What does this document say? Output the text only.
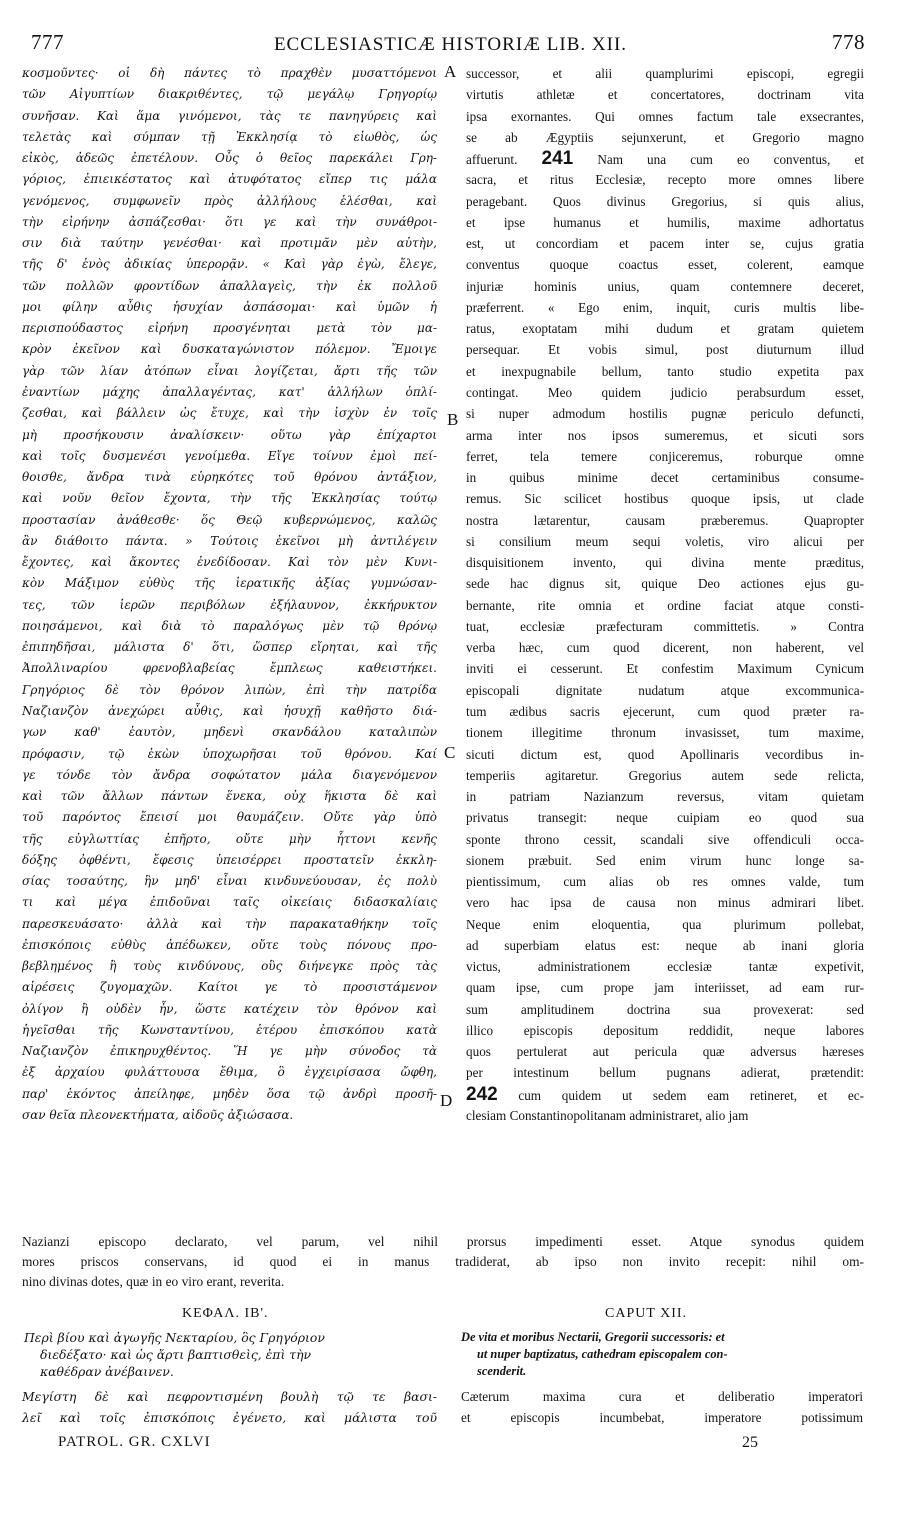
777	ECCLESIASTICÆ HISTORIÆ LIB. XII.	778
κοσμοῦντες· οἱ δὴ πάντες τὸ πραχθὲν μυσαττόμενοι
τῶν Αἰγυπτίων διακριθέντες, τῷ μεγάλῳ Γρηγορίῳ
συνῆσαν. Καὶ ἅμα γινόμενοι, τὰς τε πανηγύρεις καὶ
τελετὰς καὶ σύμπαν τῇ Ἐκκλησίᾳ τὸ εἰωθὸς, ὡς
εἰκὸς, ἀδεῶς ἐπετέλουν. Οὖς ὁ θεῖος παρεκάλει Γρη-
γόριος, ἐπιεικέστατος καὶ ἀτυφότατος εἴπερ τις μάλα
γενόμενος, συμφωνεῖν πρὸς ἀλλήλους ἑλέσθαι, καὶ
τὴν εἰρήνην ἀσπάζεσθαι· ὅτι γε καὶ τὴν συνάθροι-
σιν διὰ ταύτην γενέσθαι· καὶ προτιμᾶν μὲν αὐτὴν,
τῆς δ' ἑνὸς ἀδικίας ὑπερορᾷν. « Καὶ γὰρ ἐγὼ, ἔλεγε,
τῶν πολλῶν φροντίδων ἀπαλλαγεὶς, τὴν ἐκ πολλοῦ
μοι φίλην αὖθις ἡσυχίαν ἀσπάσομαι· καὶ ὑμῶν ἡ
περισπούδαστος εἰρήνη προσγένηται μετὰ τὸν μα-
κρὸν ἐκεῖνον καὶ δυσκαταγώνιστον πόλεμον. Ἔμοιγε
γὰρ τῶν λίαν ἀτόπων εἶναι λογίζεται, ἄρτι τῆς τῶν
ἐναντίων μάχης ἀπαλλαγέντας, κατ' ἀλλήλων ὁπλί-
ζεσθαι, καὶ βάλλειν ὡς ἔτυχε, καὶ τὴν ἰσχὺν ἐν τοῖς
μὴ προσήκουσιν ἀναλίσκειν· οὕτω γὰρ ἐπίχαρτοι
καὶ τοῖς δυσμενέσι γενοίμεθα. Εἴγε τοίνυν ἐμοὶ πεί-
θοισθε, ἄνδρα τινὰ εὑρηκότες τοῦ θρόνου ἀντάξιον,
καὶ νοῦν θεῖον ἔχοντα, τὴν τῆς Ἐκκλησίας τούτῳ
προστασίαν ἀνάθεσθε· ὅς Θεῷ κυβερνώμενος, καλῶς
ἂν διάθοιτο πάντα. » Τούτοις ἐκεῖνοι μὴ ἀντιλέγειν
ἔχοντες, καὶ ἄκοντες ἐνεδίδοσαν. Καὶ τὸν μὲν Κυνι-
κὸν Μάξιμον εὐθὺς τῆς ἱερατικῆς ἀξίας γυμνώσαν-
τες, τῶν ἱερῶν περιβόλων ἐξήλαυνον, ἐκκήρυκτον
ποιησάμενοι, καὶ διὰ τὸ παραλόγως μὲν τῷ θρόνῳ
ἐπιπηδῆσαι, μάλιστα δ' ὅτι, ὥσπερ εἴρηται, καὶ τῆς
Ἀπολλιναρίου φρενοβλαβείας ἔμπλεως καθειστήκει.
Γρηγόριος δὲ τὸν θρόνον λιπὼν, ἐπὶ τὴν πατρίδα
Ναζιανζὸν ἀνεχώρει αὖθις, καὶ ἡσυχῇ καθῆστο διά-
γων καθ' ἑαυτὸν, μηδενὶ σκανδάλου καταλιπὼν
πρόφασιν, τῷ ἑκὼν ὑποχωρῆσαι τοῦ θρόνου. Καί
γε τόνδε τὸν ἄνδρα σοφώτατον μάλα διαγενόμενον
καὶ τῶν ἄλλων πάντων ἕνεκα, οὐχ ἥκιστα δὲ καὶ
τοῦ παρόντος ἔπεισί μοι θαυμάζειν. Οὔτε γὰρ ὑπὸ
τῆς εὐγλωττίας ἐπῆρτο, οὔτε μὴν ἧττονι κενῆς
δόξης ὀφθέντι, ἔφεσις ὑπεισέρρει προστατεῖν ἐκκλη-
σίας τοσαύτης, ἣν μηδ' εἶναι κινδυνεύουσαν, ἐς πολὺ
τι καὶ μέγα ἐπιδοῦναι ταῖς οἰκείαις διδασκαλίαις
παρεσκευάσατο· ἀλλὰ καὶ τὴν παρακαταθήκην τοῖς
ἐπισκόποις εὐθὺς ἀπέδωκεν, οὔτε τοὺς πόνους προ-
βεβλημένος ἢ τοὺς κινδύνους, οὓς διήνεγκε πρὸς τὰς
αἱρέσεις ζυγομαχῶν. Καίτοι γε τὸ προσιστάμενον
ὀλίγον ἢ οὐδὲν ἦν, ὥστε κατέχειν τὸν θρόνον καὶ
ἡγεῖσθαι τῆς Κωνσταντίνου, ἑτέρου ἐπισκόπου κατὰ
Ναζιανζὸν ἐπικηρυχθέντος. Ἥ γε μὴν σύνοδος τὰ
ἐξ ἀρχαίου φυλάττουσα ἔθιμα, ὃ ἐγχειρίσασα ὤφθη,
παρ' ἑκόντος ἀπείληφε, μηδὲν ὅσα τῷ ἀνδρὶ προσῆ-
σαν θεῖα πλεονεκτήματα, αἰδοῦς ἀξιώσασα.
successor, et alii quamplurimi episcopi, egregii
virtutis athletæ et concertatores, doctrinam vita
ipsa exornantes. Qui omnes factum tale exsecrantes,
se ab Ægyptiis sejunxerunt, et Gregorio magno
affuerunt. 241 Nam una cum eo conventus, et
sacra, et ritus Ecclesiæ, recepto more omnes libere
peragebant. Quos divinus Gregorius, si quis alius,
et ipse humanus et humilis, maxime adhortatus
est, ut concordiam et pacem inter se, cujus gratia
conventus quoque coactus esset, colerent, eamque
injuriæ hominis unius, quam contemnere deceret,
præferrent. « Ego enim, inquit, curis multis libe-
ratus, exoptatam mihi dudum et gratam quietem
persequar. Et vobis simul, post diuturnum illud
et inexpugnabile bellum, tanto studio expetita pax
contingat. Meo quidem judicio perabsurdum esset,
si nuper admodum hostilis pugnæ periculo defuncti,
arma inter nos ipsos sumeremus, et sicuti sors
ferret, tela temere conjiceremus, roburque omne
in quibus minime decet certaminibus consume-
remus. Sic scilicet hostibus quoque ipsis, ut clade
nostra lætarentur, causam præberemus. Quapropter
si consilium meum sequi voletis, viro alicui per
disquisitionem invento, qui divina mente præditus,
sede hac dignus sit, quique Deo actiones ejus gu-
bernante, rite omnia et ordine faciat atque consti-
tuat, ecclesiæ præfecturam committetis. » Contra
verba hæc, cum quod dicerent, non haberent, vel
inviti ei cesserunt. Et confestim Maximum Cynicum
episcopali dignitate nudatum atque excommunica-
tum ædibus sacris ejecerunt, cum quod præter ra-
tionem illegitime thronum invasisset, tum maxime,
sicuti dictum est, quod Apollinaris vecordibus in-
temperiis agitaretur. Gregorius autem sede relicta,
in patriam Nazianzum reversus, vitam quietam
privatus transegit: neque cuipiam eo quod sua
sponte throno cessit, scandali sive offendiculi occa-
sionem præbuit. Sed enim virum hunc longe sa-
pientissimum, cum alias ob res omnes valde, tum
vero hac ipsa de causa non minus admirari libet.
Neque enim eloquentia, qua plurimum pollebat,
ad superbiam elatus est: neque ab inani gloria
victus, administrationem ecclesiæ tantæ expetivit,
quam ipse, cum prope jam interiisset, ad eam rur-
sum amplitudinem doctrina sua provexerat: sed
illico episcopis depositum reddidit, neque labores
quos pertulerat aut pericula quæ adversus hæreses
per intestinum bellum pugnans adierat, prætendit:
242 cum quidem ut sedem eam retineret, et ec-
clesiam Constantinopolitanam administraret, alio jam
A
B
C
D
Nazianzi episcopo declarato, vel parum, vel nihil prorsus impedimenti esset. Atque synodus quidem
mores priscos conservans, id quod ei in manus tradiderat, ab ipso non invito recepit: nihil om-
nino divinas dotes, quæ in eo viro erant, reverita.
ΚΕΦΑΛ. ΙΒ'.	CAPUT XII.
Περὶ βίου καὶ ἀγωγῆς Νεκταρίου, ὃς Γρηγόριον
διεδέξατο· καὶ ὡς ἄρτι βαπτισθεὶς, ἐπὶ τὴν
καθέδραν ἀνέβαινεν.
De vita et moribus Nectarii, Gregorii successoris: et
ut nuper baptizatus, cathedram episcopalem con-
scenderit.
Μεγίστη δὲ καὶ πεφροντισμένη βουλὴ τῷ τε βασι-
λεῖ καὶ τοῖς ἐπισκόποις ἐγένετο, καὶ μάλιστα τοῦ
Cæterum maxima cura et deliberatio imperatori
et episcopis incumbebat, imperatore potissimum
PATROL. GR. CXLVI	25
